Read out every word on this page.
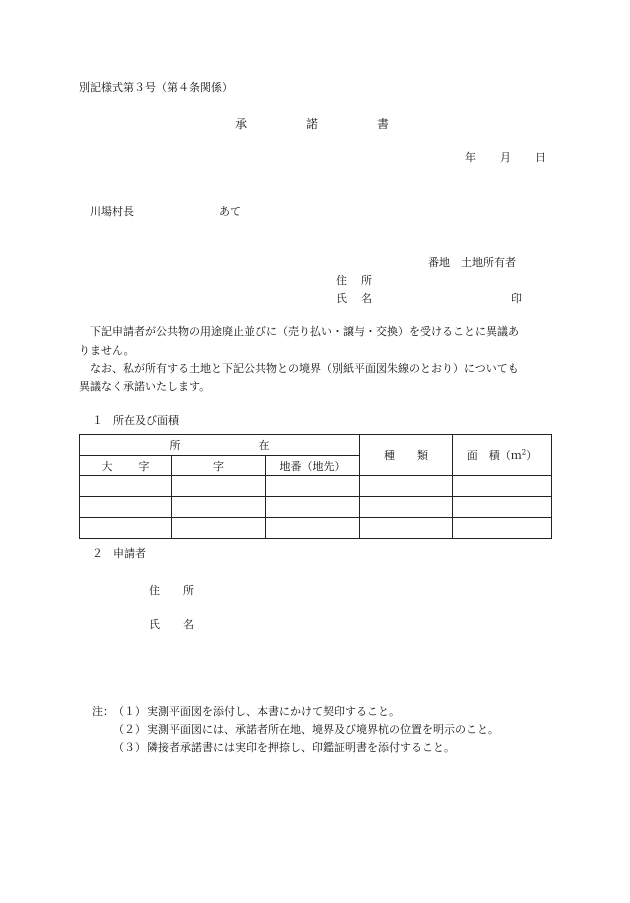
別記様式第３号（第４条関係）
承	諾	書
年 月 日
川場村長	あて
番地　土地所有者
住 所
氏 名	印
下記申請者が公共物の用途廃止並びに（売り払い・譲与・交換）を受けることに異議あ
りません。
なお、私が所有する土地と下記公共物との境界（別紙平面図朱線のとおり）についても
異議なく承諾いたします。
１ 所在及び面積
所 在			種 類	面　積（ｍ$^2$）
大 字	字	地番（地先）		

２ 申請者
住 所
氏 名
注： （１） 実測平面図を添付し、本書にかけて契印すること。
（２） 実測平面図には、承諾者所在地、境界及び境界杭の位置を明示のこと。
（３） 隣接者承諾書には実印を押捺し、印鑑証明書を添付すること。
